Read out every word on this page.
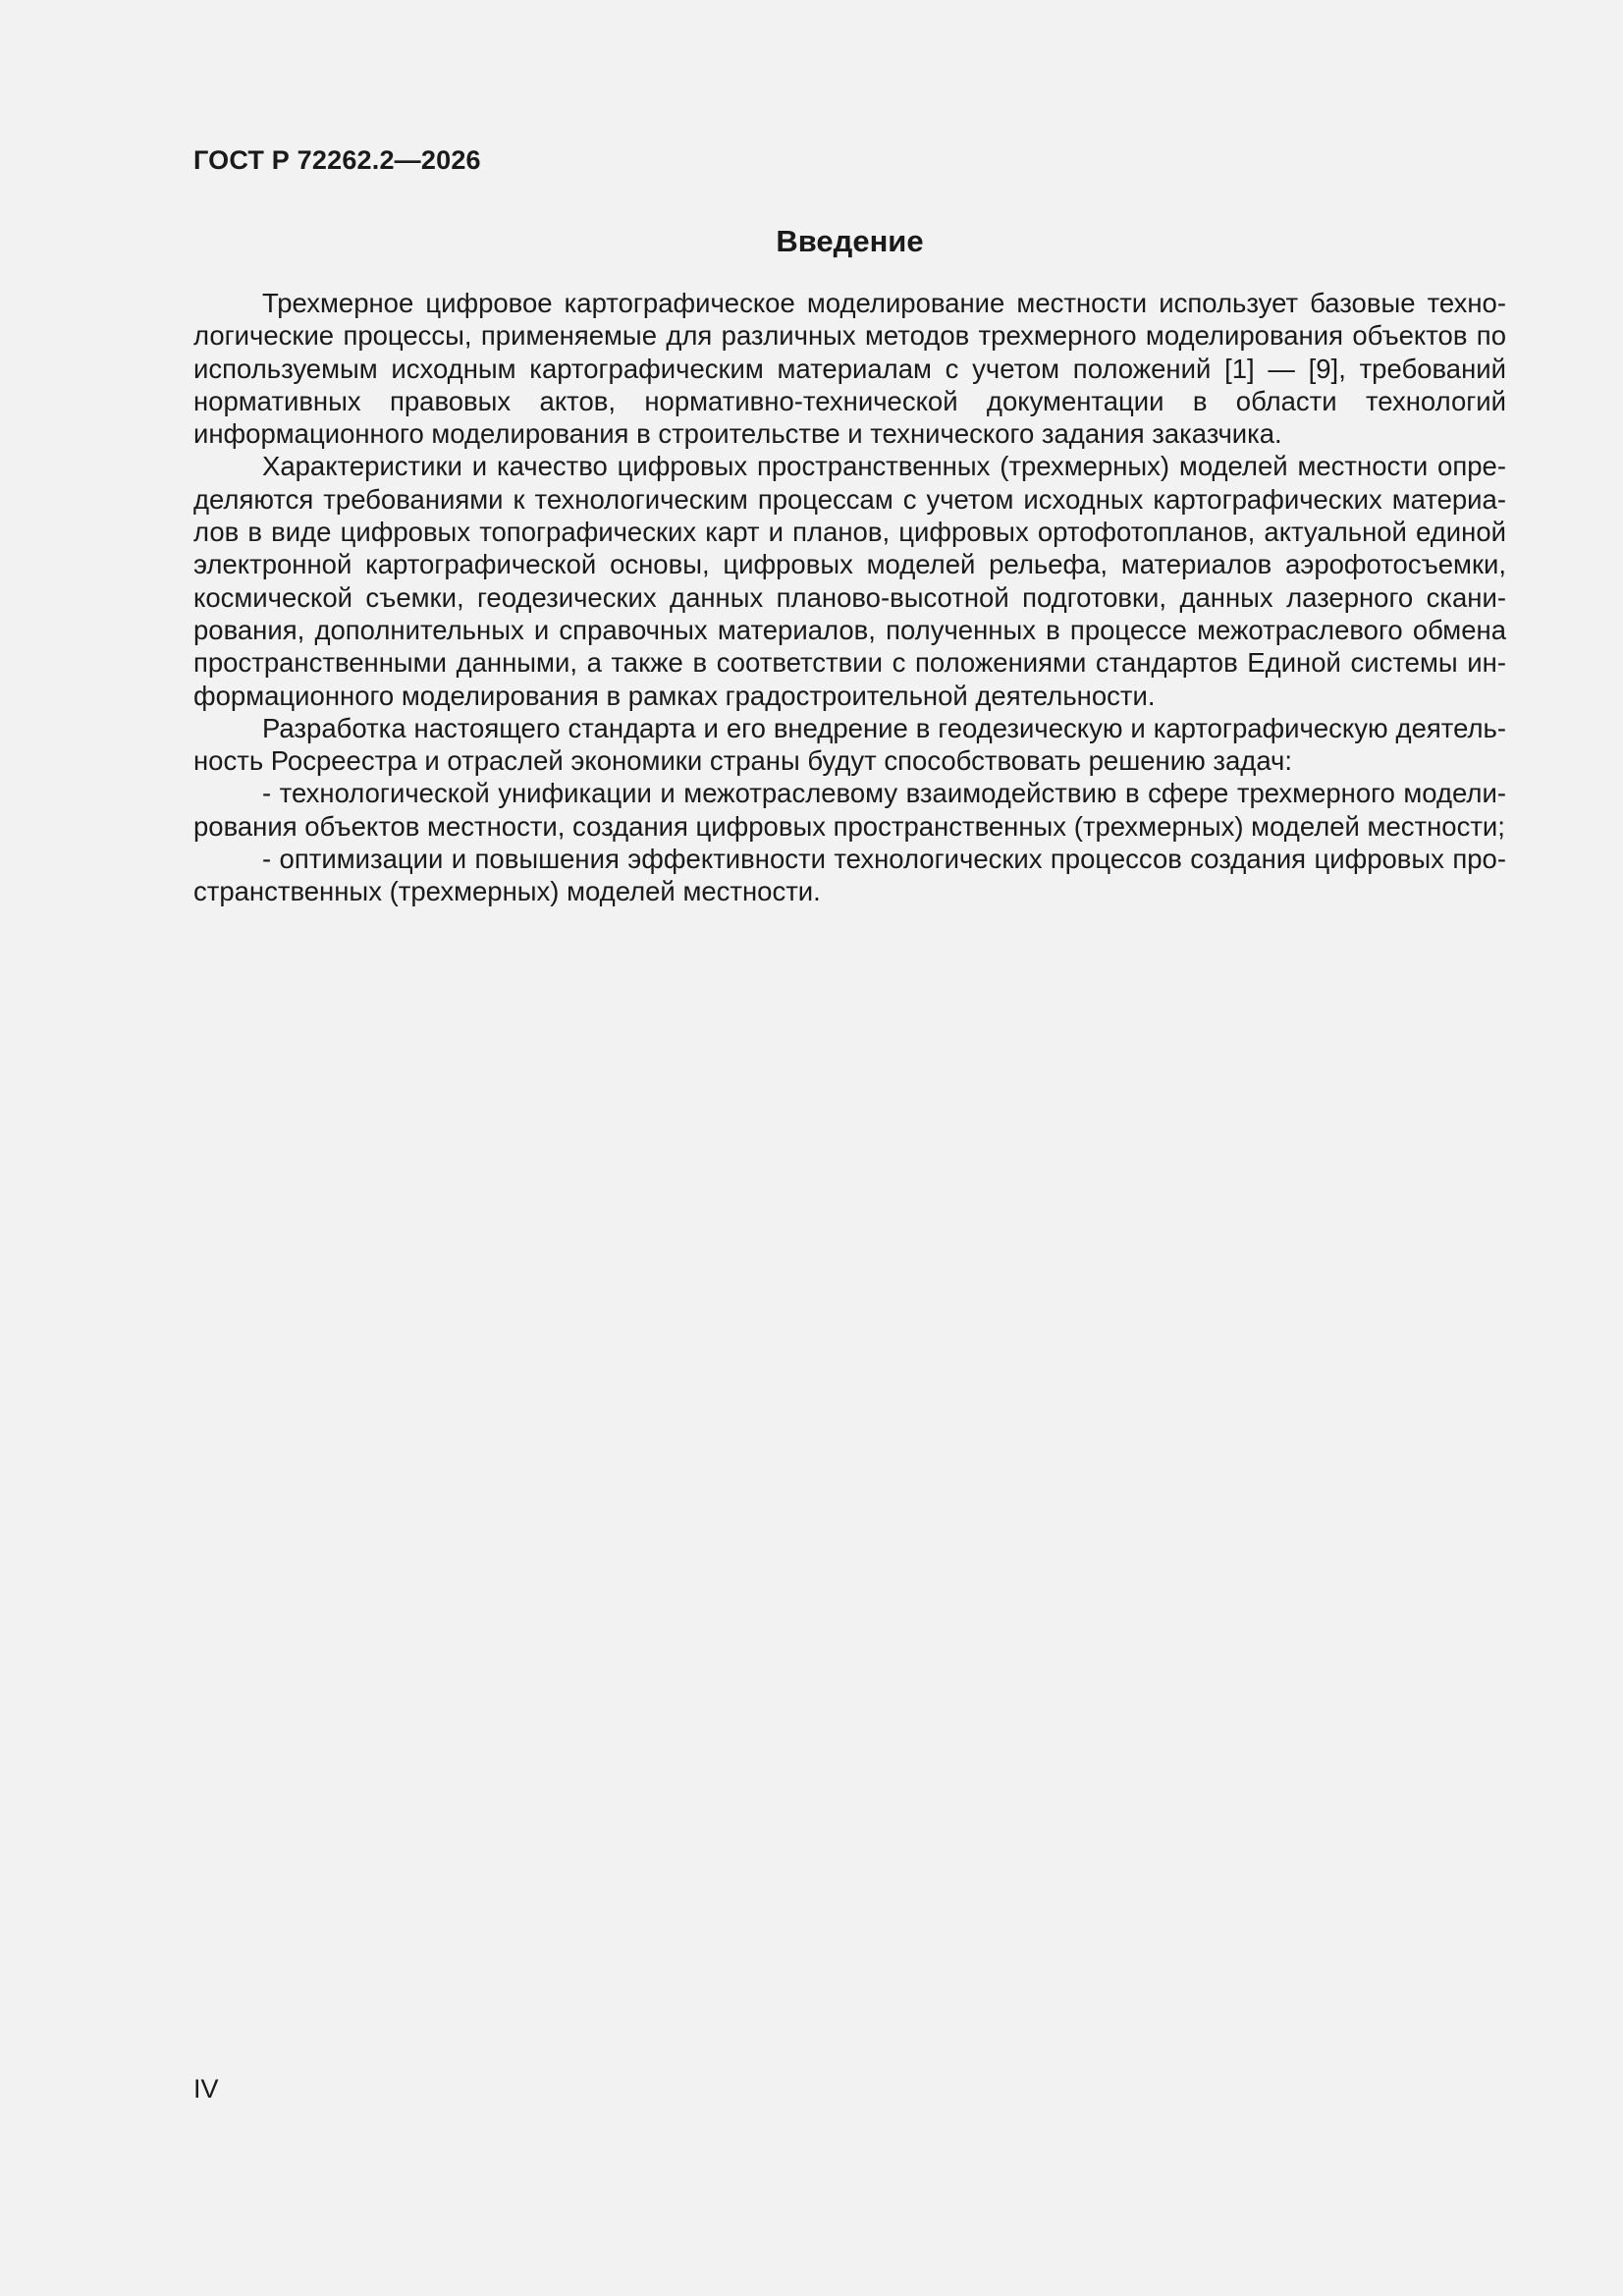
ГОСТ Р 72262.2—2026
Введение

Трехмерное цифровое картографическое моделирование местности использует базовые технологические процессы, применяемые для различных методов трехмерного моделирования объектов по используемым исходным картографическим материалам с учетом положений [1] — [9], требований нормативных правовых актов, нормативно-технической документации в области технологий информационного моделирования в строительстве и технического задания заказчика.

Характеристики и качество цифровых пространственных (трехмерных) моделей местности определяются требованиями к технологическим процессам с учетом исходных картографических материалов в виде цифровых топографических карт и планов, цифровых ортофотопланов, актуальной единой электронной картографической основы, цифровых моделей рельефа, материалов аэрофотосъемки, космической съемки, геодезических данных планово-высотной подготовки, данных лазерного сканирования, дополнительных и справочных материалов, полученных в процессе межотраслевого обмена пространственными данными, а также в соответствии с положениями стандартов Единой системы информационного моделирования в рамках градостроительной деятельности.

Разработка настоящего стандарта и его внедрение в геодезическую и картографическую деятельность Росреестра и отраслей экономики страны будут способствовать решению задач:

- технологической унификации и межотраслевому взаимодействию в сфере трехмерного моделирования объектов местности, создания цифровых пространственных (трехмерных) моделей местности;

- оптимизации и повышения эффективности технологических процессов создания цифровых пространственных (трехмерных) моделей местности.

IV
